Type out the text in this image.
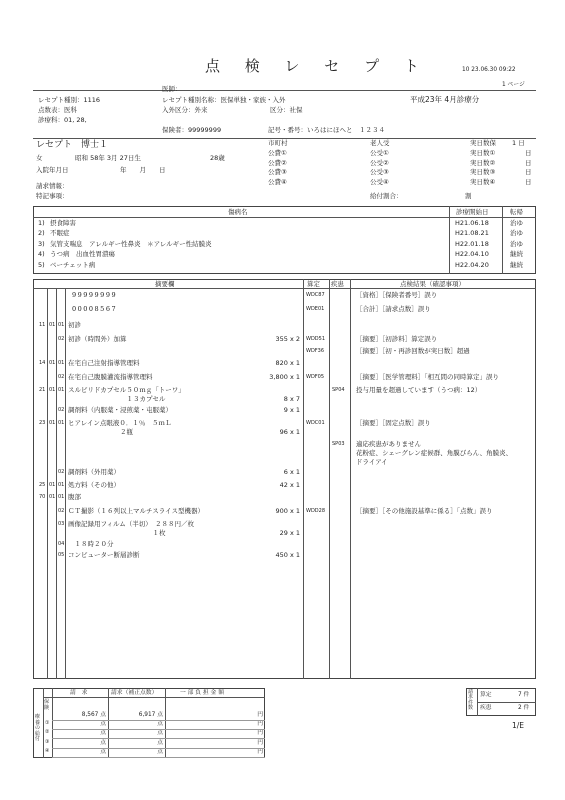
点 検 レ セ プ ト	10 23.06.30 09:22
1 ページ
医師：
レセプト種別：1116	レセプト種別名称：医保単独・家族・入外
入外区分：外来	区分：社保
平成23年 4月診療分
点数表：医科
診療科：01, 28,
保険者：99999999	記号・番号：いろはにほへと　１２３４
レセプト　博士１
女	昭和 58年 3月 27日生	28歳
入院年月日	年　　月　　日
請求情報：
特記事項：
市町村	老人受	実日数保 1 日
公費①	公受①	実日数①	日
公費②	公受②	実日数②	日
公費③	公受③	実日数③	日
公費④	公受④	実日数④	日
給付割合：	割
傷病名	診療開始日	転帰
1) 摂食障害	H21.06.18	治ゆ
2) 不眠症	H21.08.21	治ゆ
3) 気管支喘息　アレルギー性鼻炎　＊アレルギー性結膜炎	H22.01.18	治ゆ
4) うつ病　出血性胃潰瘍	H22.04.10	継続
5) ベーチェット病	H22.04.20	継続
摘要欄	算定 疾患	点検結果（確認事項）
99999999	WDC87	［資格］［保険者番号］誤り
00008567	WDE01	［合計］［請求点数］誤り
11 01 01 初診
02 初診（時間外）加算	355 x 2 WDD51	［摘要］［初診料］算定誤り
WDF36	［摘要］［初・再診回数が実日数］超過
14 01 01 在宅自己注射指導管理料	820 x 1
02 在宅自己腹膜灌流指導管理料	3,800 x 1 WDF05	［摘要］［医学管理料］「相互間の同時算定」誤り
21 01 01 スルピリドカプセル５０ｍｇ「トーワ」	SP04 投与用量を超過しています（うつ病：12）
　　　　　　　　　１３カプセル	8 x 7
02 調剤料（内服薬・浸煎薬・屯服薬）	9 x 1
23 01 01 ヒアレイン点眼液０．１％　５ｍＬ	WDC01	［摘要］［固定点数］誤り
　　　　　　　　２瓶	96 x 1
SP03 適応疾患がありません
花粉症、シェーグレン症候群、角膜びらん、角膜炎、
ドライアイ
02 調剤料（外用薬）	6 x 1
25 01 01 処方料（その他）	42 x 1
70 01 01 腹部
02 ＣＴ撮影（１６列以上マルチスライス型機器）	900 x 1 WDD28	［摘要］［その他施設基準に係る］「点数」誤り
03 画像記録用フィルム（半切）　２８８円／枚
　　　　　　　　　　　　　１枚	29 x 1
04 　１８時２０分
05 コンピューター断層診断	450 x 1
請　求	請求（補正点数）	一 部 負 担 金 額
療養の給付
保険
8,567 点	6,917 点	円
①	点	点	円
②	点	点	円
③	点	点	円
④	点	点	円
請求件数
算定	7 件
疾患	2 件
1/E
